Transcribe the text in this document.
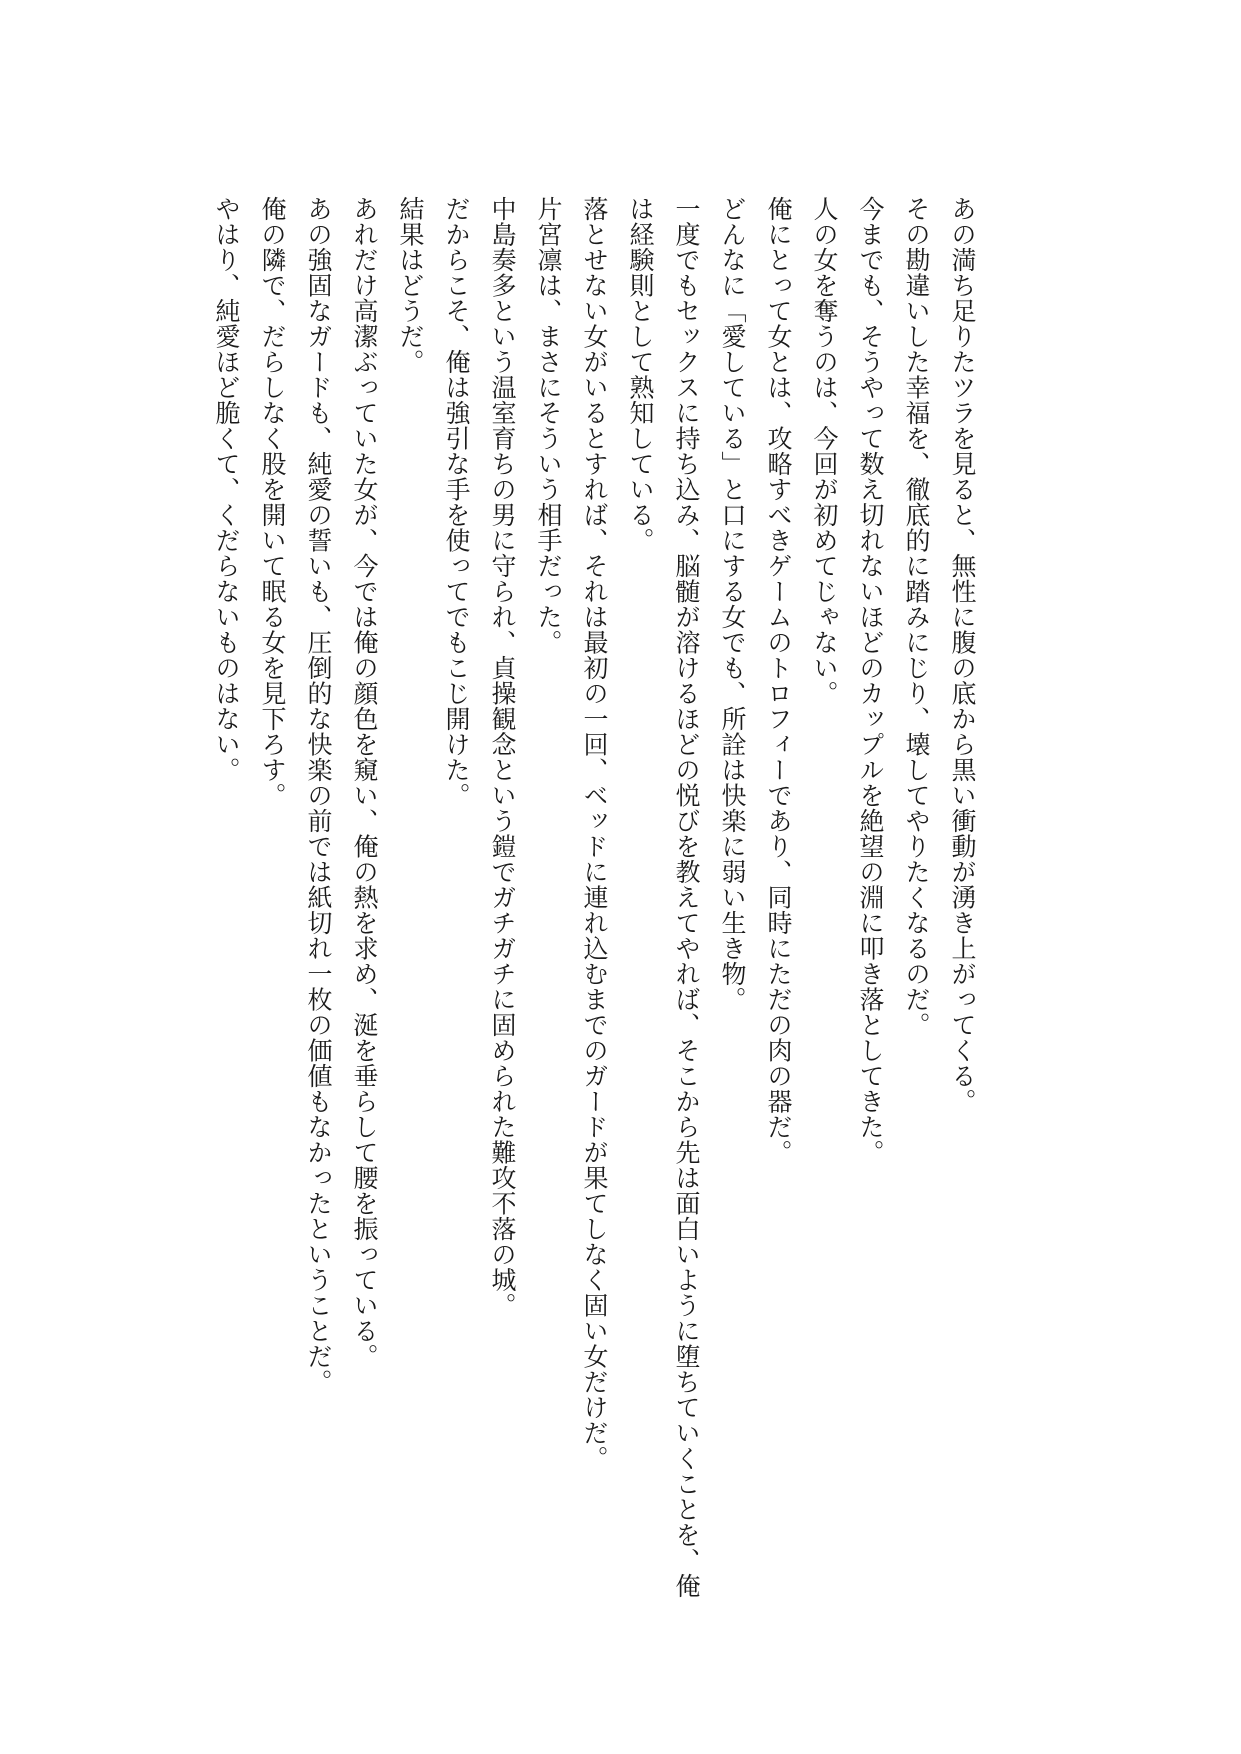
あの満ち足りたツラを見ると、無性に腹の底から黒い衝動が湧き上がってくる。

その勘違いした幸福を、徹底的に踏みにじり、壊してやりたくなるのだ。

今までも、そうやって数え切れないほどのカップルを絶望の淵に叩き落としてきた。

人の女を奪うのは、今回が初めてじゃない。

俺にとって女とは、攻略すべきゲームのトロフィーであり、同時にただの肉の器だ。

どんなに「愛している」と口にする女でも、所詮は快楽に弱い生き物。

一度でもセックスに持ち込み、脳髄が溶けるほどの悦びを教えてやれば、そこから先は面白いように堕ちていくことを、俺は経験則として熟知している。

落とせない女がいるとすれば、それは最初の一回、ベッドに連れ込むまでのガードが果てしなく固い女だけだ。

片宮凛は、まさにそういう相手だった。

中島奏多という温室育ちの男に守られ、貞操観念という鎧でガチガチに固められた難攻不落の城。

だからこそ、俺は強引な手を使ってでもこじ開けた。

結果はどうだ。

あれだけ高潔ぶっていた女が、今では俺の顔色を窺い、俺の熱を求め、涎を垂らして腰を振っている。

あの強固なガードも、純愛の誓いも、圧倒的な快楽の前では紙切れ一枚の価値もなかったということだ。

俺の隣で、だらしなく股を開いて眠る女を見下ろす。

やはり、純愛ほど脆くて、くだらないものはない。
